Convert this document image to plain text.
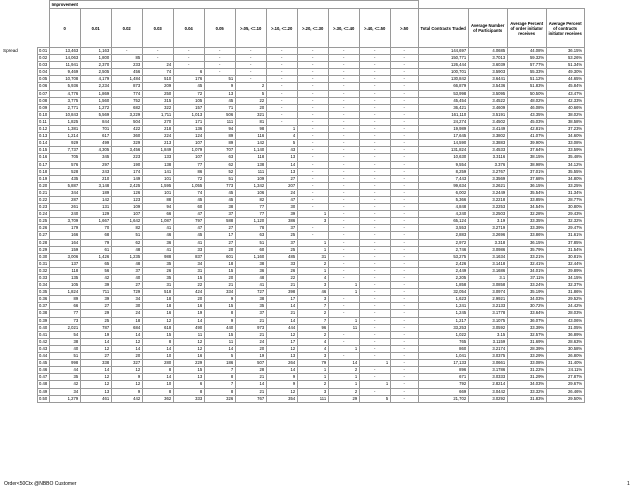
		Improvement															
		0	0.01	0.02	0.03	0.04	0.05	>.05, <=.10	>.10, <=.20	>.20, <=.30	>.30, <=.40	>.40, <=.50	>.50	Total Contracts Traded	Average Number of Participants	Average Percent of order initiator receives	Average Percent of contracts initiator receives
Spread	0.01	13,463	1,163	-	-	-	-	-	-	-	-	-	-	144,697	4.0685	44.08%	36.15%
	0.02	14,063	1,800	85	-	-	-	-	-	-	-	-	-	150,771	3.7013	59.32%	53.26%
	0.03	11,941	2,370	233	24	-	-	-	-	-	-	-	-	126,444	3.6039	57.77%	51.34%
	0.04	9,469	2,505	456	74	6	-	-	-	-	-	-	-	100,701	3.5903	55.33%	49.30%
	0.05	10,708	4,179	1,484	510	176	51	-	-	-	-	-	-	130,842	3.6441	51.12%	44.65%
	0.06	5,936	2,234	873	209	45	9	2	-	-	-	-	-	66,879	3.5436	51.83%	45.84%
	0.07	4,776	1,869	774	250	72	13	5	-	-	-	-	-	53,998	3.5095	50.50%	43.47%
	0.08	3,775	1,560	752	315	105	45	22	-	-	-	-	-	45,454	3.4522	48.02%	42.33%
	0.09	2,771	1,272	682	322	157	71	20	-	-	-	-	-	36,421	3.4609	46.08%	40.66%
	0.10	10,843	5,569	3,229	1,711	1,013	506	321	-	-	-	-	-	161,110	3.5191	43.35%	38.02%
	0.11	1,825	844	504	270	171	111	81	-	-	-	-	-	24,274	3.4502	45.03%	38.58%
	0.12	1,381	701	422	218	136	94	98	1	-	-	-	-	19,989	3.4149	42.81%	37.23%
	0.13	1,214	617	360	224	124	89	116	4	-	-	-	-	17,645	3.3802	41.07%	34.60%
	0.14	929	499	329	213	107	89	142	5	-	-	-	-	14,590	3.3883	39.90%	33.08%
	0.15	7,737	4,305	3,456	1,849	1,079	707	1,140	43	-	-	-	-	131,824	3.4533	37.64%	33.59%
	0.16	705	345	223	133	107	63	118	13	-	-	-	-	10,630	3.3116	38.15%	35.48%
	0.17	576	297	190	138	77	62	138	14	-	-	-	-	9,554	3.376	38.98%	34.12%
	0.18	528	243	174	141	86	52	111	13	-	-	-	-	8,259	3.2767	37.01%	35.55%
	0.19	435	210	149	101	72	51	109	27	-	-	-	-	7,443	3.3569	37.68%	34.80%
	0.20	5,887	3,148	2,425	1,595	1,055	773	1,342	207	-	-	-	-	99,634	3.2621	36.15%	33.25%
	0.21	344	189	126	101	74	45	106	24	-	-	-	-	6,002	3.2449	35.54%	31.34%
	0.22	287	142	123	88	45	45	82	47	-	-	-	-	5,366	3.2218	33.85%	28.77%
	0.23	261	131	109	94	60	38	77	30	-	-	-	-	4,848	3.2253	34.54%	30.80%
	0.24	240	129	107	66	47	37	77	39	1	-	-	-	4,240	3.2503	32.28%	29.43%
	0.25	3,709	1,667	1,642	1,087	797	588	1,120	386	3	-	-	-	65,124	3.19	33.35%	32.32%
	0.26	179	70	82	41	47	27	78	37	-	-	-	-	3,553	3.2719	33.39%	29.47%
	0.27	166	68	51	46	45	17	63	25	-	-	-	-	2,883	3.2696	33.86%	31.61%
	0.28	164	79	62	36	41	27	51	37	1	-	-	-	2,972	3.318	36.15%	37.85%
	0.29	159	61	48	41	33	20	60	25	1	-	-	-	2,746	3.0986	35.79%	31.54%
	0.30	3,006	1,426	1,235	988	837	601	1,160	485	31	-	-	-	53,275	3.1634	33.21%	30.81%
	0.31	137	65	48	35	34	18	38	33	2	-	-	-	2,426	3.1418	32.41%	32.44%
	0.32	118	56	37	26	31	15	36	26	1	-	-	-	2,449	3.1686	34.01%	29.89%
	0.33	135	42	40	35	15	20	48	22	4	-	-	-	2,205	3.1	37.11%	34.15%
	0.34	105	39	27	31	22	21	41	21	3	1	-	-	1,858	3.0858	33.24%	32.37%
	0.35	1,824	711	729	518	424	334	727	398	46	1	-	-	32,054	3.0974	35.19%	31.86%
	0.36	89	39	34	18	20	9	38	17	3	-	-	-	1,623	2.9921	34.03%	29.52%
	0.37	66	27	30	18	16	15	35	14	7	-	-	-	1,241	3.2133	30.72%	24.42%
	0.38	77	29	24	16	19	8	37	21	2	-	-	-	1,245	3.1778	33.64%	28.03%
	0.39	73	25	18	12	14	9	21	14	7	1	-	-	1,217	3.1075	36.07%	43.06%
	0.40	2,021	787	684	618	490	440	973	444	96	11	-	-	33,253	3.0592	33.39%	31.05%
	0.41	54	19	14	15	11	15	21	12	2	-	-	-	1,022	3.15	32.57%	36.89%
	0.42	38	14	12	8	12	11	24	17	4	-	-	-	765	3.1159	31.69%	28.63%
	0.43	40	12	14	14	12	14	20	12	4	1	-	-	860	3.2174	28.39%	30.58%
	0.44	51	27	20	10	16	5	19	13	3	-	-	-	1,041	3.0375	33.29%	26.80%
	0.45	998	338	327	280	229	186	507	264	79	14	1	-	17,133	3.0661	33.08%	31.40%
	0.46	44	14	12	8	15	7	28	14	1	2	-	-	896	3.1786	31.22%	24.11%
	0.47	35	12	9	14	13	8	21	9	1	1	-	-	671	3.0333	31.29%	27.87%
	0.48	42	12	12	10	6	7	14	9	2	1	1	-	792	2.8214	34.03%	29.67%
	0.49	34	13	9	8	8	8	21	12	3	2	-	-	669	3.0442	33.32%	26.46%
	0.50	1,279	461	442	362	333	326	767	354	111	29	5	-	21,702	3.0292	31.83%	29.50%
Order<50Ctx @NBBO Customer	1
